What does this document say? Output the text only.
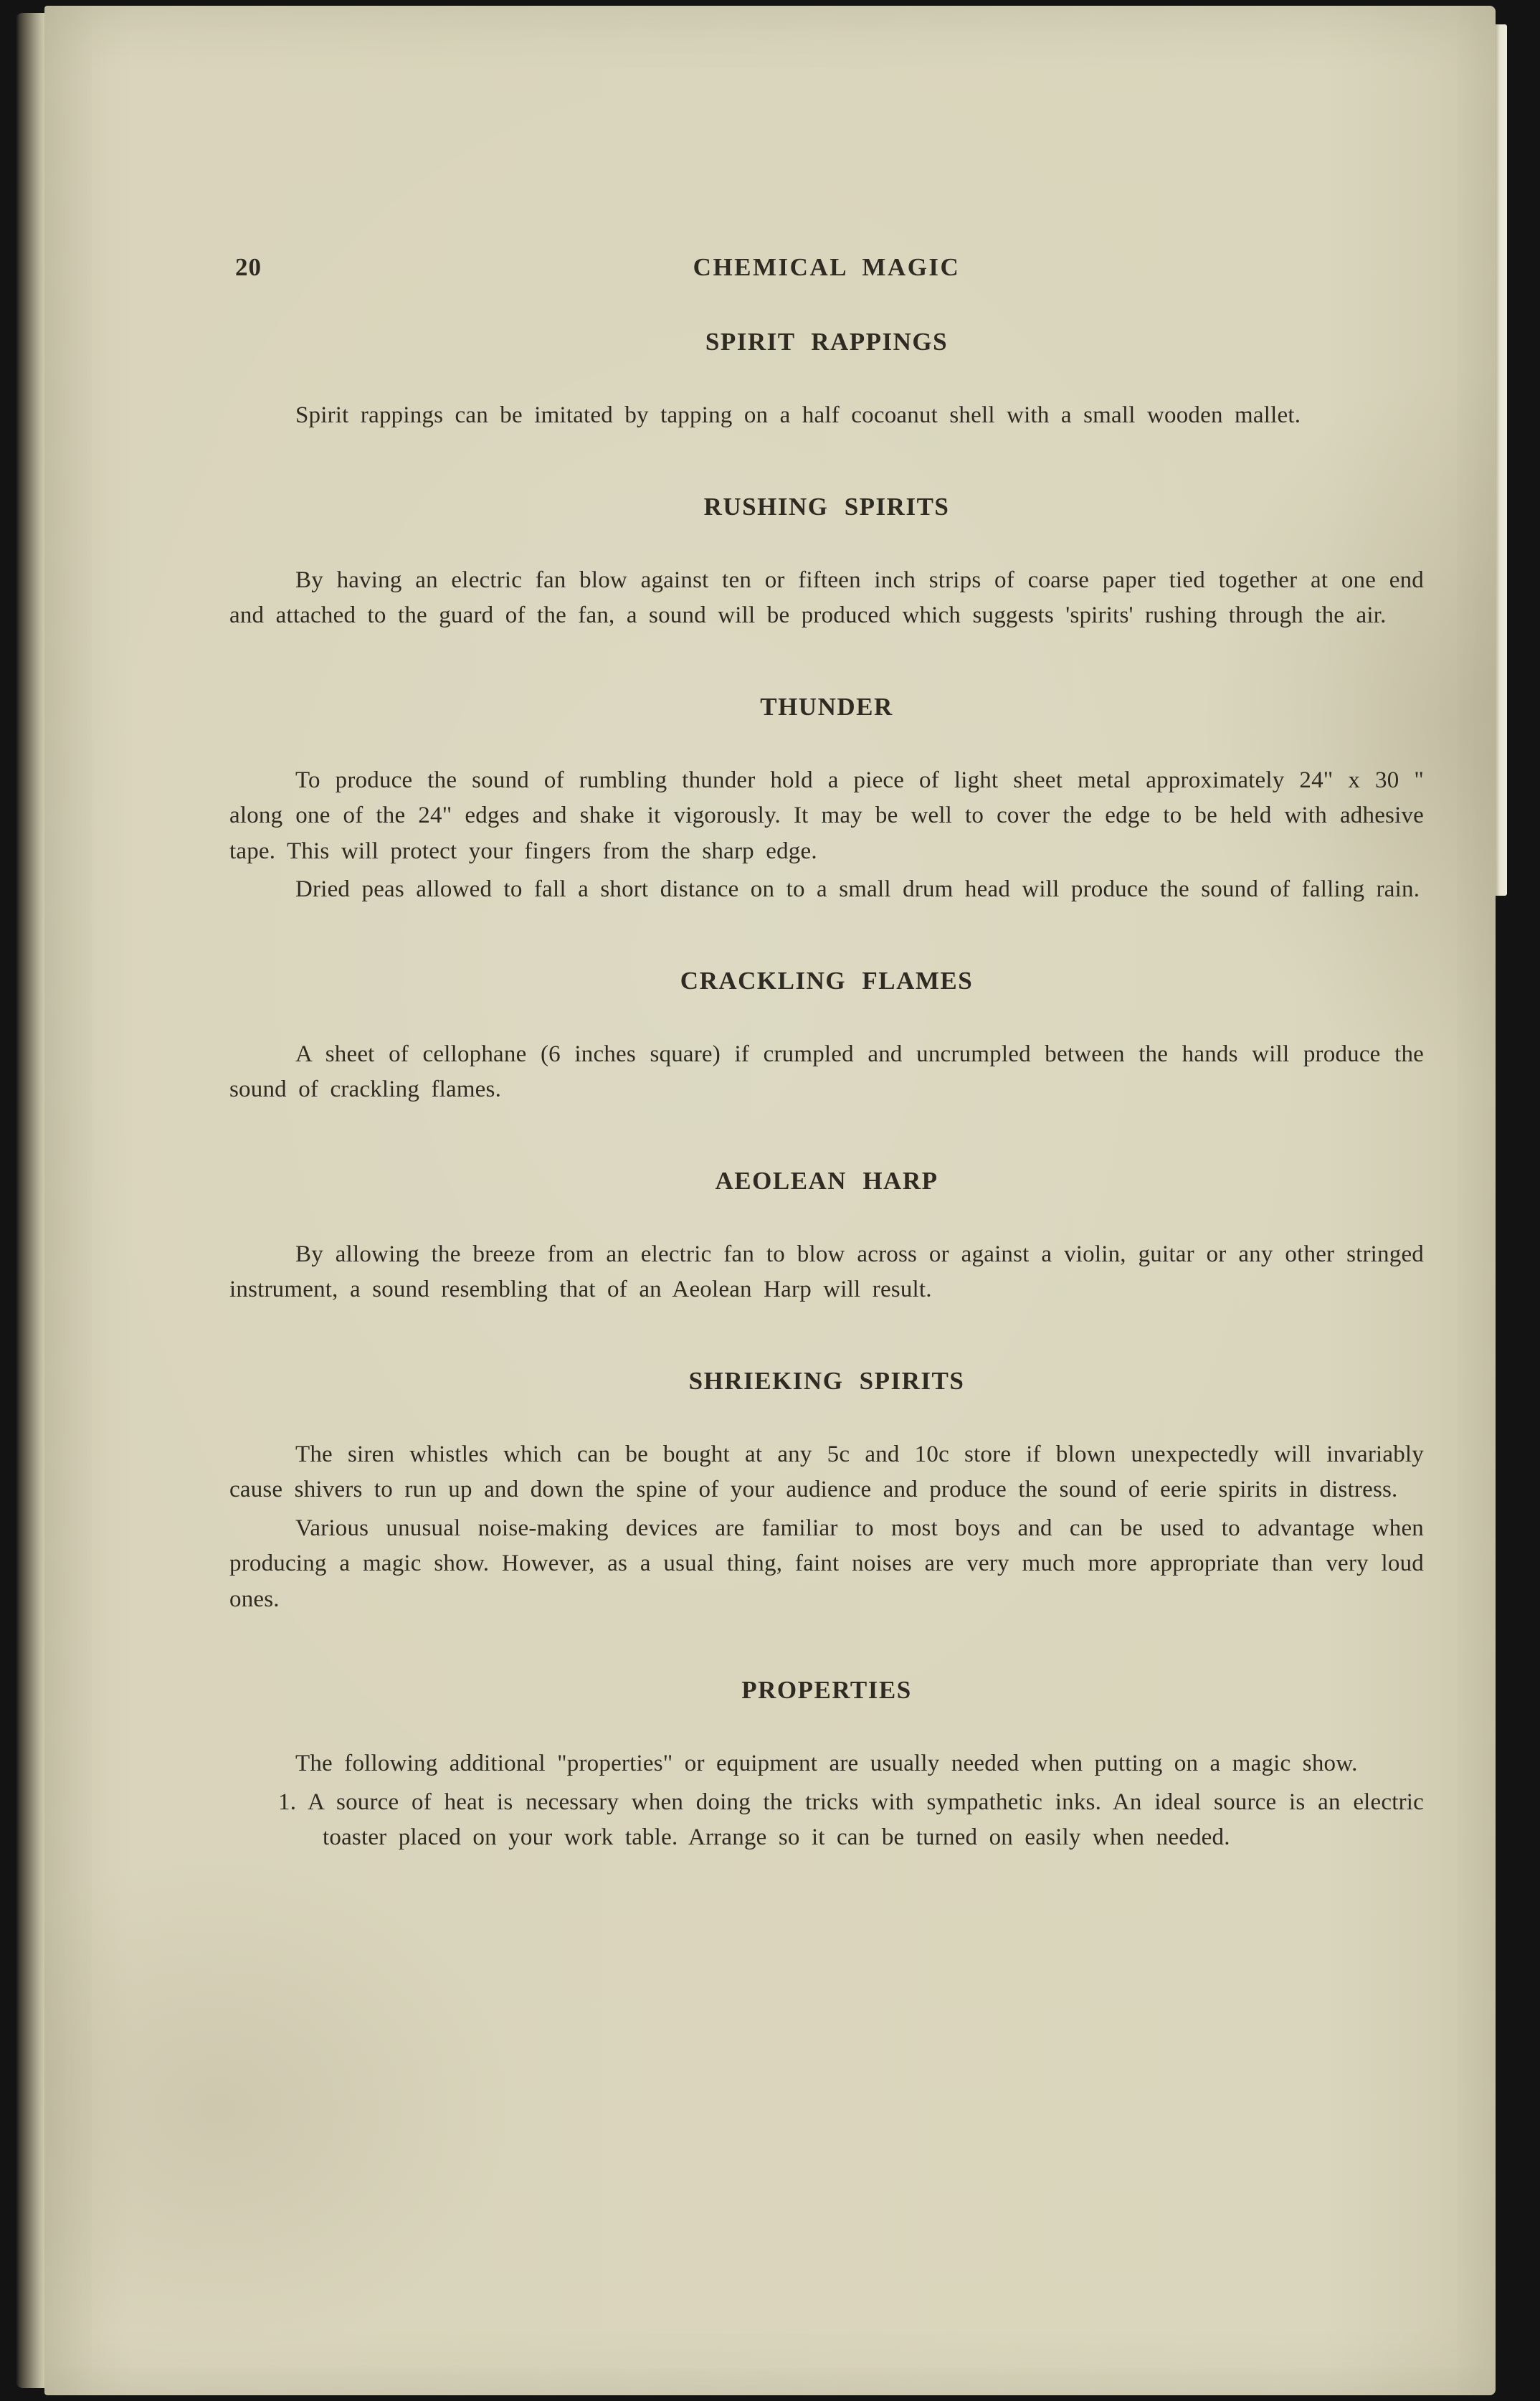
20	CHEMICAL MAGIC
SPIRIT RAPPINGS

Spirit rappings can be imitated by tapping on a half cocoanut shell with a small wooden mallet.

RUSHING SPIRITS

By having an electric fan blow against ten or fifteen inch strips of coarse paper tied together at one end and attached to the guard of the fan, a sound will be produced which suggests 'spirits' rushing through the air.

THUNDER

To produce the sound of rumbling thunder hold a piece of light sheet metal approximately 24" x 30 " along one of the 24" edges and shake it vigorously. It may be well to cover the edge to be held with adhesive tape. This will protect your fingers from the sharp edge.

Dried peas allowed to fall a short distance on to a small drum head will produce the sound of falling rain.

CRACKLING FLAMES

A sheet of cellophane (6 inches square) if crumpled and uncrumpled between the hands will produce the sound of crackling flames.

AEOLEAN HARP

By allowing the breeze from an electric fan to blow across or against a violin, guitar or any other stringed instrument, a sound resembling that of an Aeolean Harp will result.

SHRIEKING SPIRITS

The siren whistles which can be bought at any 5c and 10c store if blown unexpectedly will invariably cause shivers to run up and down the spine of your audience and produce the sound of eerie spirits in distress.

Various unusual noise-making devices are familiar to most boys and can be used to advantage when producing a magic show. However, as a usual thing, faint noises are very much more appropriate than very loud ones.

PROPERTIES

The following additional "properties" or equipment are usually needed when putting on a magic show.

1. A source of heat is necessary when doing the tricks with sympathetic inks. An ideal source is an electric toaster placed on your work table. Arrange so it can be turned on easily when needed.
